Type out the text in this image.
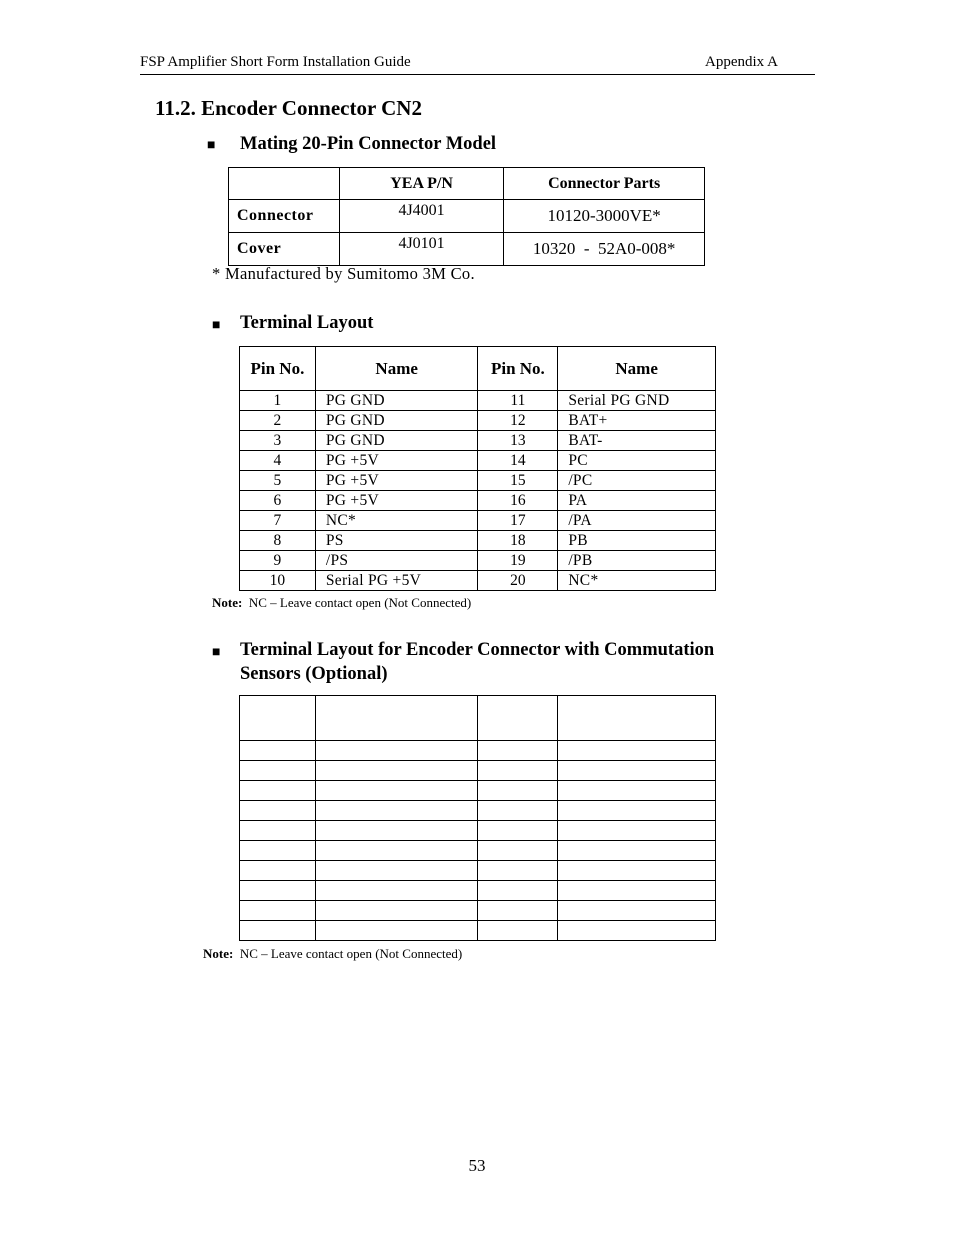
FSP Amplifier Short Form Installation Guide	Appendix A
11.2. Encoder Connector CN2
■ Mating 20-Pin Connector Model
	YEA P/N	Connector Parts
Connector	4J4001	10120-3000VE*
Cover	4J0101	10320  -  52A0-008*
* Manufactured by Sumitomo 3M Co.
■ Terminal Layout
Pin No.	Name	Pin No.	Name
1	PG GND	11	Serial PG GND
2	PG GND	12	BAT+
3	PG GND	13	BAT-
4	PG +5V	14	PC
5	PG +5V	15	/PC
6	PG +5V	16	PA
7	NC*	17	/PA
8	PS	18	PB
9	/PS	19	/PB
10	Serial PG +5V	20	NC*
Note: NC – Leave contact open (Not Connected)
■ Terminal Layout for Encoder Connector with Commutation
Sensors (Optional)

Note: NC – Leave contact open (Not Connected)
53
